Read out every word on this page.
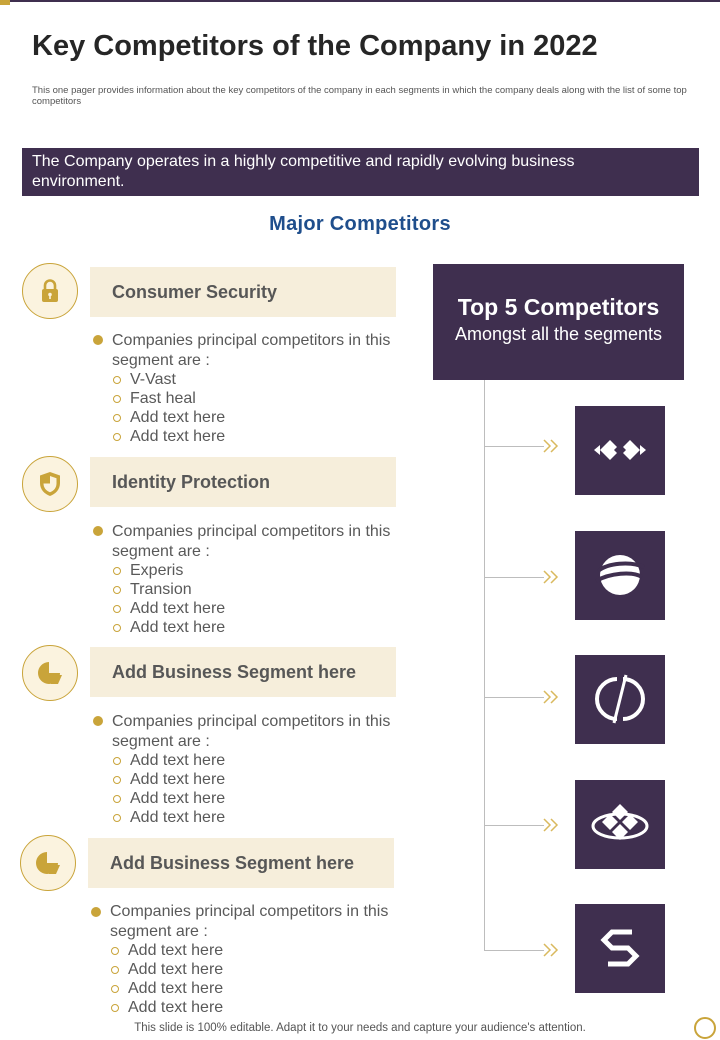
Key Competitors of the Company in 2022
This one pager provides information about the key competitors of the company in each segments in which the company deals along with the list of some top competitors
The Company operates in a highly competitive and rapidly evolving business environment.
Major Competitors
Consumer Security
Companies principal competitors in this segment are :
V-Vast
Fast heal
Add text here
Add text here
Identity Protection
Companies principal competitors in this segment are :
Experis
Transion
Add text here
Add text here
Add Business Segment here
Companies principal competitors in this segment are :
Add text here
Add text here
Add text here
Add text here
Add Business Segment here
Companies principal competitors in this segment are :
Add text here
Add text here
Add text here
Add text here
Top 5 Competitors
Amongst all the segments
This slide is 100% editable. Adapt it to your needs and capture your audience's attention.
